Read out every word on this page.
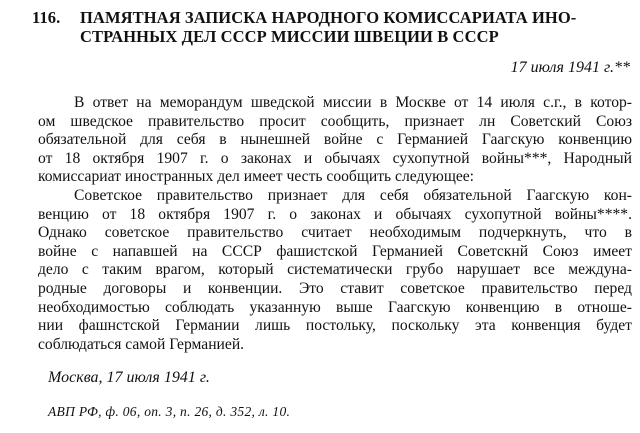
116. ПАМЯТНАЯ ЗАПИСКА НАРОДНОГО КОМИССАРИАТА ИНО-
СТРАННЫХ ДЕЛ СССР МИССИИ ШВЕЦИИ В СССР
17 июля 1941 г.**
В ответ на меморандум шведской миссии в Москве от 14 июля с.г., в котор-
ом шведское правительство просит сообщить, признает лн Советский Союз
обязательной для себя в нынешней войне с Германией Гаагскую конвенцию
от 18 октября 1907 г. о законах и обычаях сухопутной войны***, Народный
комиссариат иностранных дел имеет честь сообщить следующее:
Советское правительство признает для себя обязательной Гаагскую кон-
венцию от 18 октября 1907 г. о законах и обычаях сухопутной войны****.
Однако советское правительство считает необходимым подчеркнуть, что в
войне с напавшей на СССР фашистской Германией Советскнй Союз имеет
дело с таким врагом, который систематически грубо нарушает все междуна-
родные договоры и конвенции. Это ставит советское правительство перед
необходимостью соблюдать указанную выше Гаагскую конвенцию в отноше-
нии фашнстской Германии лишь постольку, поскольку эта конвенция будет
соблюдаться самой Германией.
Москва, 17 июля 1941 г.
АВП РФ, ф. 06, оп. 3, п. 26, д. 352, л. 10.
